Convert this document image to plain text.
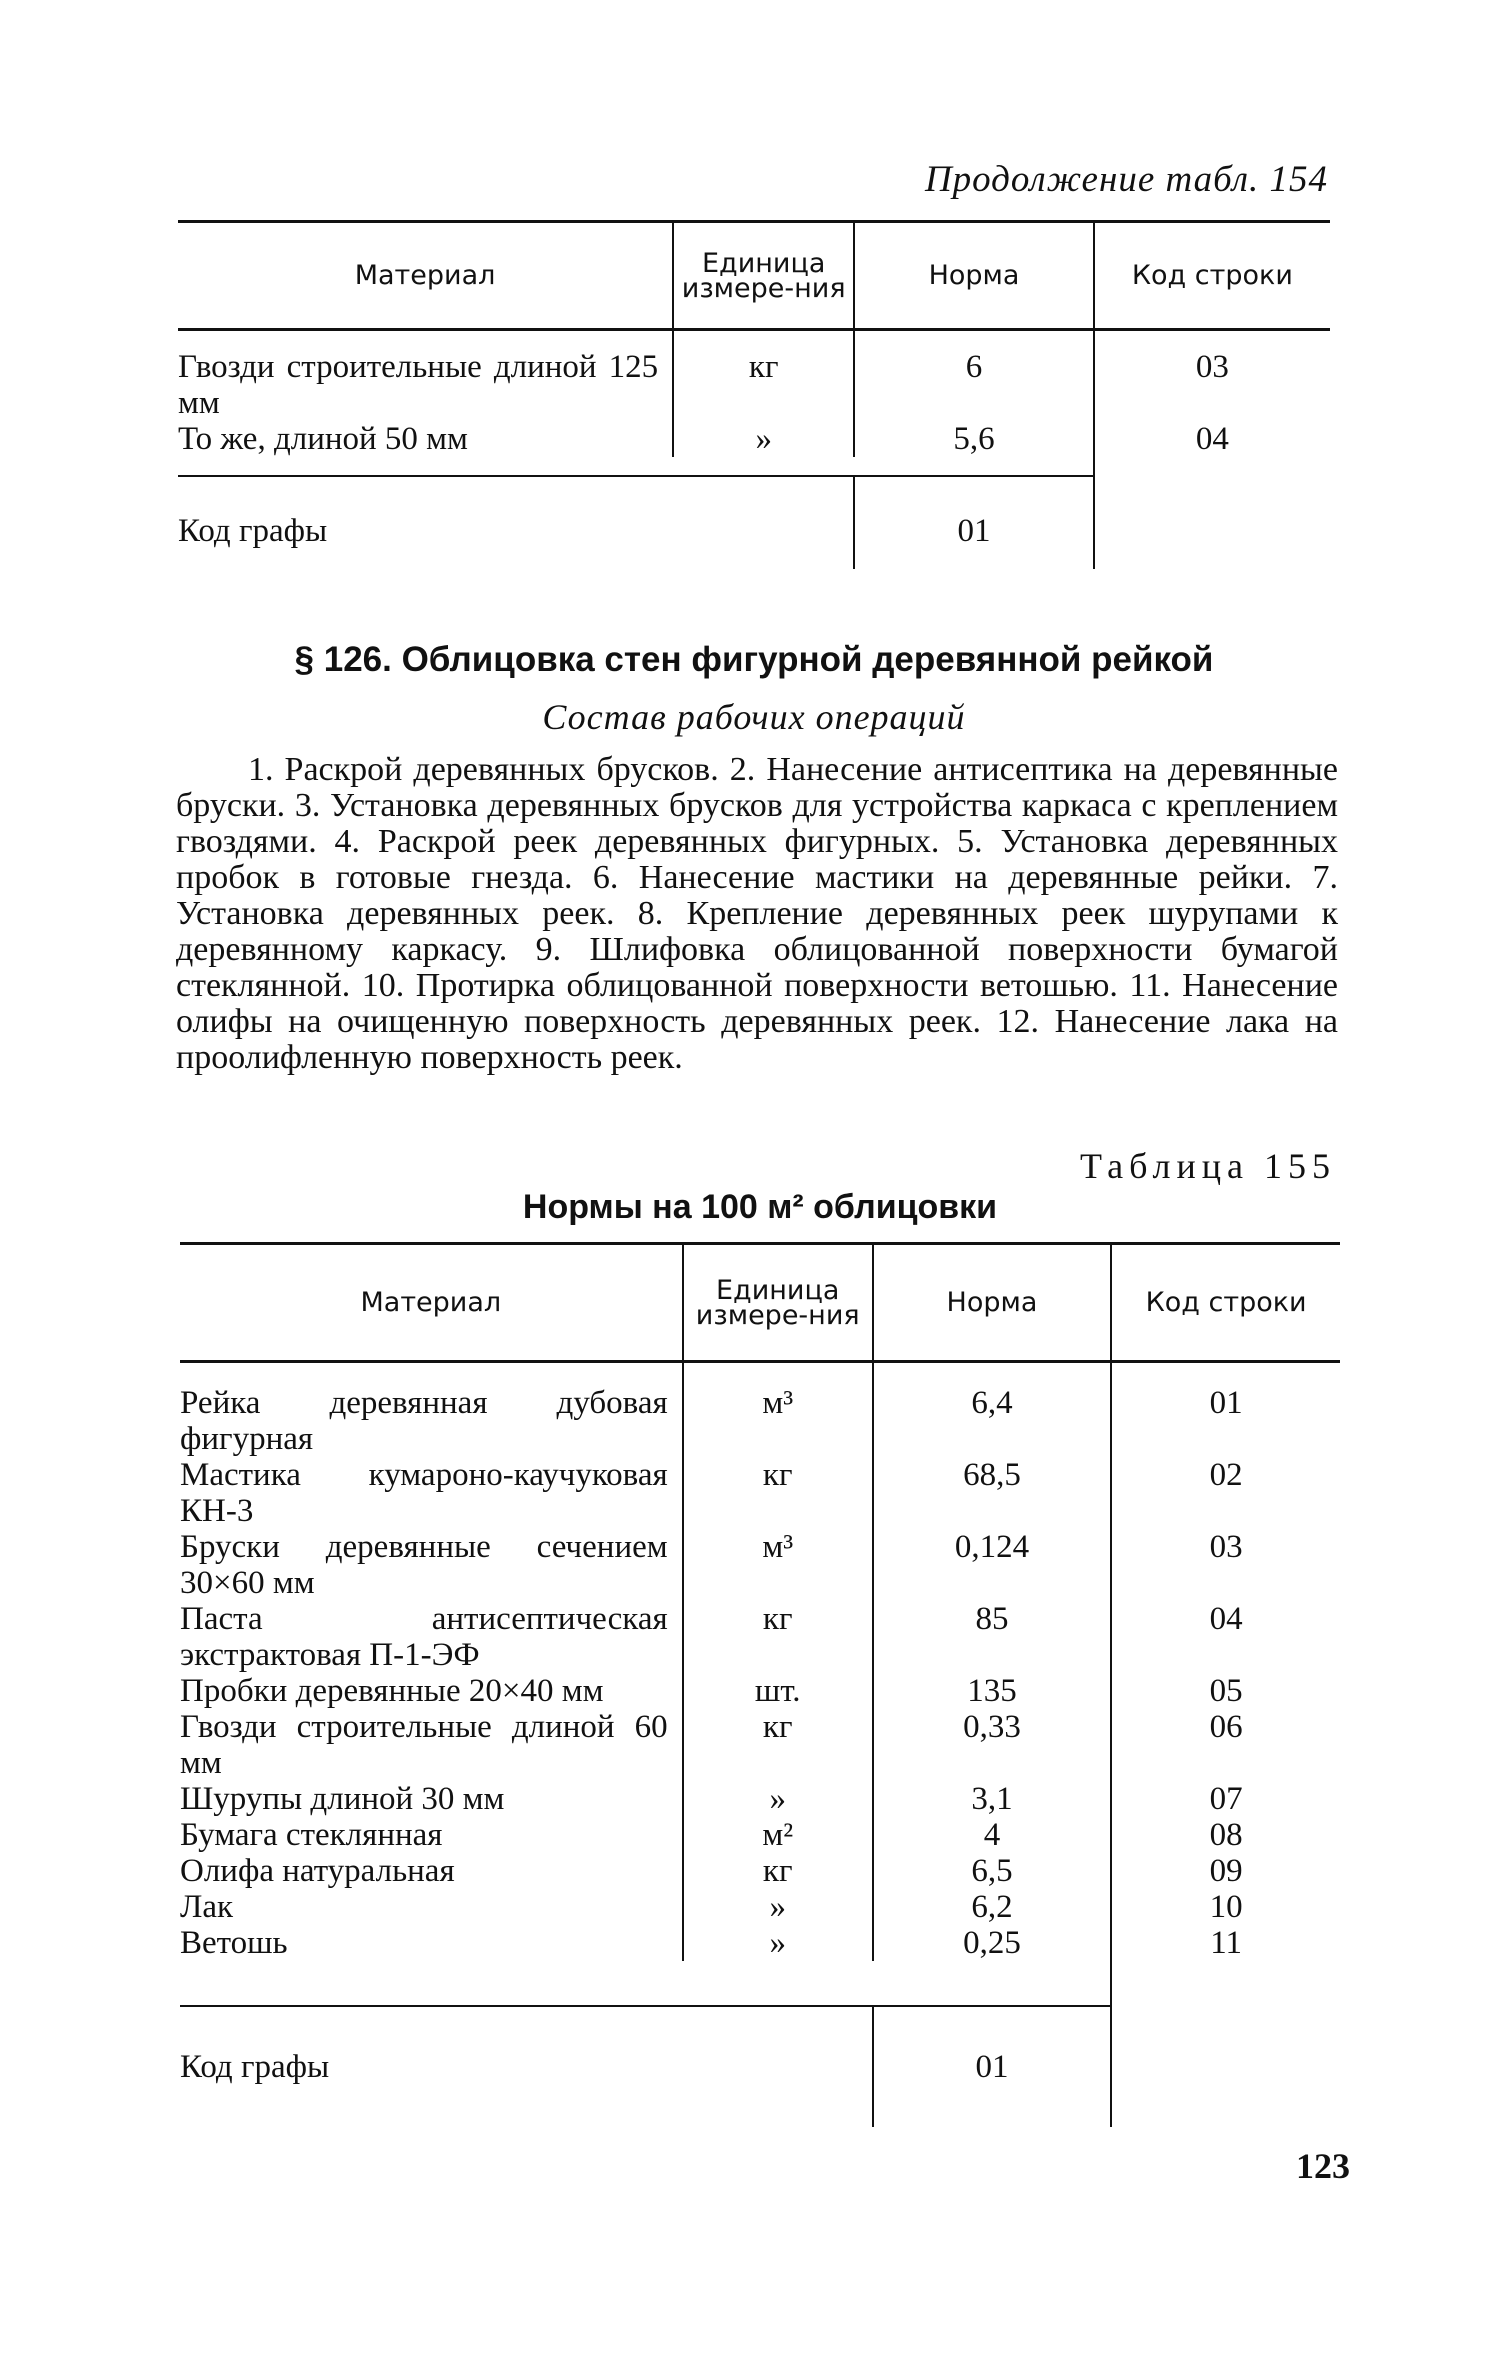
Продолжение табл. 154
Материал	Единица измере-ния	Норма	Код строки

Гвозди строительные длиной 125 мм	кг	6	03
То же, длиной 50 мм	»	5,6	04

Код графы		01	
§ 126. Облицовка стен фигурной деревянной рейкой
Состав рабочих операций
1. Раскрой деревянных брусков. 2. Нанесение антисептика на деревянные бруски. 3. Установка деревянных брусков для устройства каркаса с креплением гвоздями. 4. Раскрой реек деревянных фигурных. 5. Установка деревянных пробок в готовые гнезда. 6. Нанесение мастики на деревянные рейки. 7. Установка деревянных реек. 8. Крепление деревянных реек шурупами к деревянному каркасу. 9. Шлифовка облицованной поверхности бумагой стеклянной. 10. Протирка облицованной поверхности ветошью. 11. Нанесение олифы на очищенную поверхность деревянных реек. 12. Нанесение лака на проолифленную поверхность реек.
Таблица 155
Нормы на 100 м² облицовки
Материал	Единица измере-ния	Норма	Код строки

Рейка деревянная дубовая фигурная	м³	6,4	01
Мастика кумароно-каучуковая КН-3	кг	68,5	02
Бруски деревянные сечением 30×60 мм	м³	0,124	03
Паста антисептическая экстрактовая П-1-ЭФ	кг	85	04
Пробки деревянные 20×40 мм	шт.	135	05
Гвозди строительные длиной 60 мм	кг	0,33	06
Шурупы длиной 30 мм	»	3,1	07
Бумага стеклянная	м²	4	08
Олифа натуральная	кг	6,5	09
Лак	»	6,2	10
Ветошь	»	0,25	11

Код графы		01	
123
